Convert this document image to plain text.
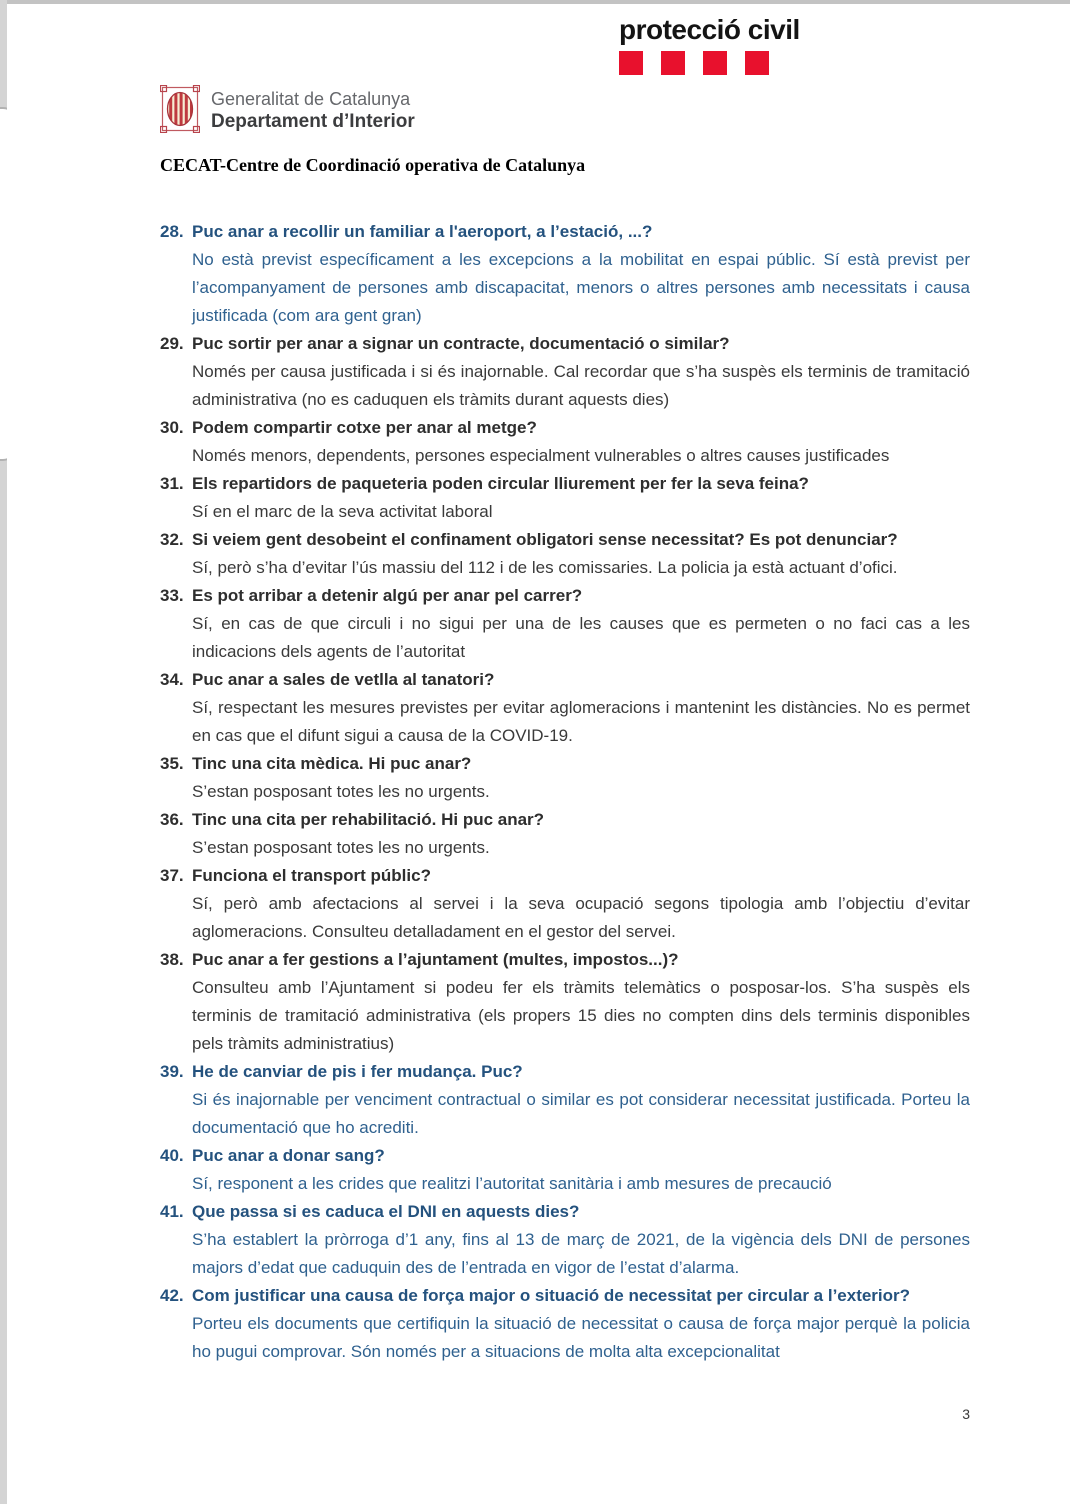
Generalitat de Catalunya
Departament d’Interior
protecció civil
CECAT-Centre de Coordinació operativa de Catalunya
28. Puc anar a recollir un familiar a l'aeroport, a l’estació, ...?
No està previst específicament a les excepcions a la mobilitat en espai públic. Sí està previst per l’acompanyament de persones amb discapacitat, menors o altres persones amb necessitats i causa justificada (com ara gent gran)
29. Puc sortir per anar a signar un contracte, documentació o similar?
Només per causa justificada i si és inajornable. Cal recordar que s’ha suspès els terminis de tramitació administrativa (no es caduquen els tràmits durant aquests dies)
30. Podem compartir cotxe per anar al metge?
Només menors, dependents, persones especialment vulnerables o altres causes justificades
31. Els repartidors de paqueteria poden circular lliurement per fer la seva feina?
Sí en el marc de la seva activitat laboral
32. Si veiem gent desobeint el confinament obligatori sense necessitat? Es pot denunciar?
Sí, però s’ha d’evitar l’ús massiu del 112 i de les comissaries. La policia ja està actuant d’ofici.
33. Es pot arribar a detenir algú per anar pel carrer?
Sí, en cas de que circuli i no sigui per una de les causes que es permeten o no faci cas a les indicacions dels agents de l’autoritat
34. Puc anar a sales de vetlla al tanatori?
Sí, respectant les mesures previstes per evitar aglomeracions i mantenint les distàncies. No es permet en cas que el difunt sigui a causa de la COVID-19.
35. Tinc una cita mèdica. Hi puc anar?
S’estan posposant totes les no urgents.
36. Tinc una cita per rehabilitació. Hi puc anar?
S’estan posposant totes les no urgents.
37. Funciona el transport públic?
Sí, però amb afectacions al servei i la seva ocupació segons tipologia amb l’objectiu d’evitar aglomeracions. Consulteu detalladament en el gestor del servei.
38. Puc anar a fer gestions a l’ajuntament (multes, impostos...)?
Consulteu amb l’Ajuntament si podeu fer els tràmits telemàtics o posposar-los. S’ha suspès els terminis de tramitació administrativa (els propers 15 dies no compten dins dels terminis disponibles pels tràmits administratius)
39. He de canviar de pis i fer mudança. Puc?
Si és inajornable per venciment contractual o similar es pot considerar necessitat justificada. Porteu la documentació que ho acrediti.
40. Puc anar a donar sang?
Sí, responent a les crides que realitzi l’autoritat sanitària i amb mesures de precaució
41. Que passa si es caduca el DNI en aquests dies?
S’ha establert la pròrroga d’1 any, fins al 13 de març de 2021, de la vigència dels DNI de persones majors d’edat que caduquin des de l’entrada en vigor de l’estat d’alarma.
42. Com justificar una causa de força major o situació de necessitat per circular a l’exterior?
Porteu els documents que certifiquin la situació de necessitat o causa de força major perquè la policia ho pugui comprovar. Són només per a situacions de molta alta excepcionalitat
3
